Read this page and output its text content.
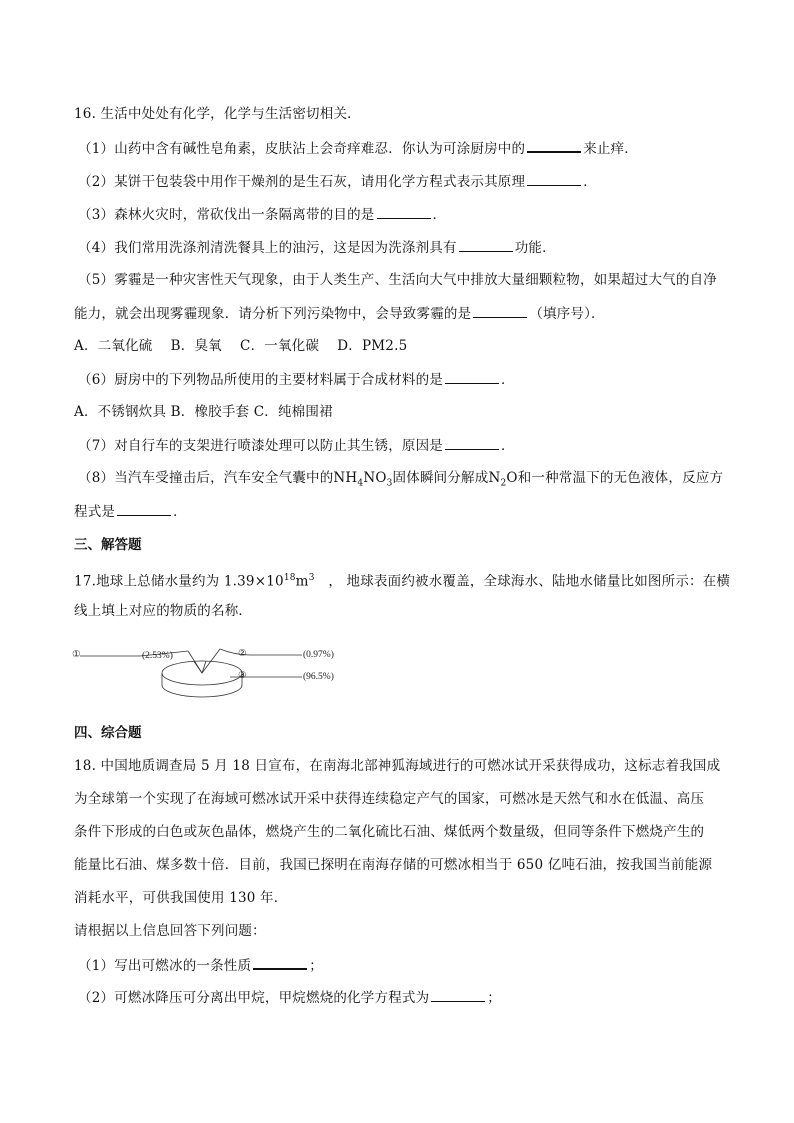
16. 生活中处处有化学，化学与生活密切相关．
（1）山药中含有碱性皂角素，皮肤沾上会奇痒难忍．你认为可涂厨房中的	来止痒．
（2）某饼干包装袋中用作干燥剂的是生石灰，请用化学方程式表示其原理	．
（3）森林火灾时，常砍伐出一条隔离带的目的是	．
（4）我们常用洗涤剂清洗餐具上的油污，这是因为洗涤剂具有	功能．
（5）雾霾是一种灾害性天气现象，由于人类生产、生活向大气中排放大量细颗粒物，如果超过大气的自净
能力，就会出现雾霾现象．请分析下列污染物中，会导致雾霾的是	（填序号）．
A．二氧化硫　 B．臭氧　 C．一氧化碳　 D．PM2.5
（6）厨房中的下列物品所使用的主要材料属于合成材料的是	．
A．不锈钢炊具 B．橡胶手套 C．纯棉围裙
（7）对自行车的支架进行喷漆处理可以防止其生锈，原因是	．
（8）当汽车受撞击后，汽车安全气囊中的$NH_4NO_3$固体瞬间分解成$N_2O$和一种常温下的无色液体，反应方
程式是	．
三、解答题
17.地球上总储水量约为 $1.39\times 10^{18}m^3$　， 地球表面约被水覆盖，全球海水、陆地水储量比如图所示：在横
线上填上对应的物质的名称．
①	(2.53%)	②	(0.97%)
③	(96.5%)
四、综合题
18. 中国地质调查局 5 月 18 日宣布，在南海北部神狐海域进行的可燃冰试开采获得成功，这标志着我国成
为全球第一个实现了在海域可燃冰试开采中获得连续稳定产气的国家，可燃冰是天然气和水在低温、高压
条件下形成的白色或灰色晶体，燃烧产生的二氧化硫比石油、煤低两个数量级，但同等条件下燃烧产生的
能量比石油、煤多数十倍．目前，我国已探明在南海存储的可燃冰相当于 650 亿吨石油，按我国当前能源
消耗水平，可供我国使用 130 年．
请根据以上信息回答下列问题：
（1）写出可燃冰的一条性质	；
（2）可燃冰降压可分离出甲烷，甲烷燃烧的化学方程式为	；
